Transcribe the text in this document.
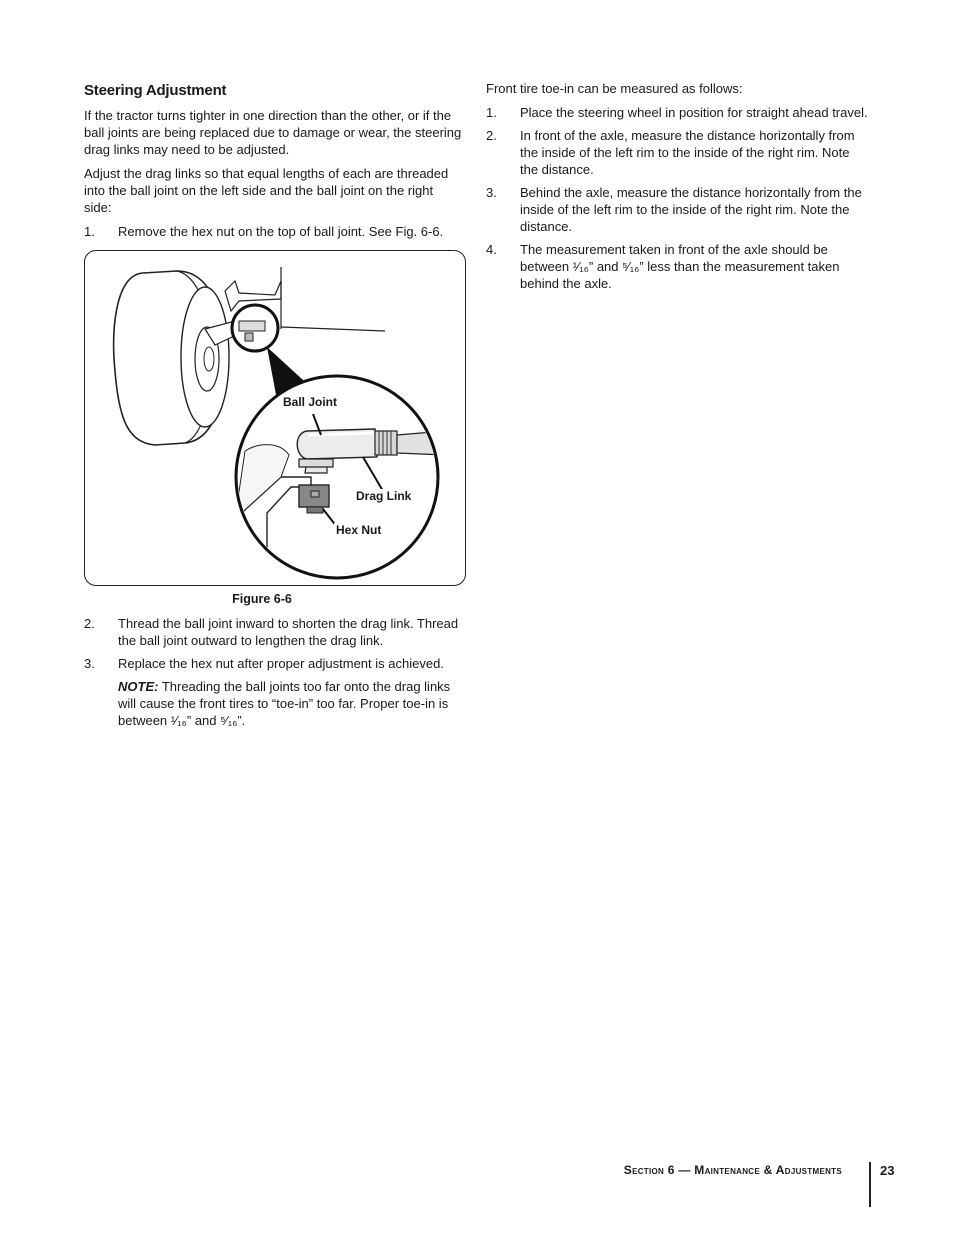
Steering Adjustment

If the tractor turns tighter in one direction than the other, or if the ball joints are being replaced due to damage or wear, the steering drag links may need to be adjusted.

Adjust the drag links so that equal lengths of each are threaded into the ball joint on the left side and the ball joint on the right side:

1. Remove the hex nut on the top of ball joint. See Fig. 6-6.
Ball Joint
Drag Link
Hex Nut
Figure 6-6
2. Thread the ball joint inward to shorten the drag link. Thread the ball joint outward to lengthen the drag link.
3. Replace the hex nut after proper adjustment is achieved.

NOTE: Threading the ball joints too far onto the drag links will cause the front tires to “toe-in” too far. Proper toe-in is between ¹⁄₁₆” and ⁵⁄₁₆”.

Front tire toe-in can be measured as follows:

1. Place the steering wheel in position for straight ahead travel.
2. In front of the axle, measure the distance horizontally from the inside of the left rim to the inside of the right rim. Note the distance.
3. Behind the axle, measure the distance horizontally from the inside of the left rim to the inside of the right rim. Note the distance.
4. The measurement taken in front of the axle should be between ¹⁄₁₆” and ⁵⁄₁₆” less than the measurement taken behind the axle.
Section 6 — Maintenance & Adjustments	23
